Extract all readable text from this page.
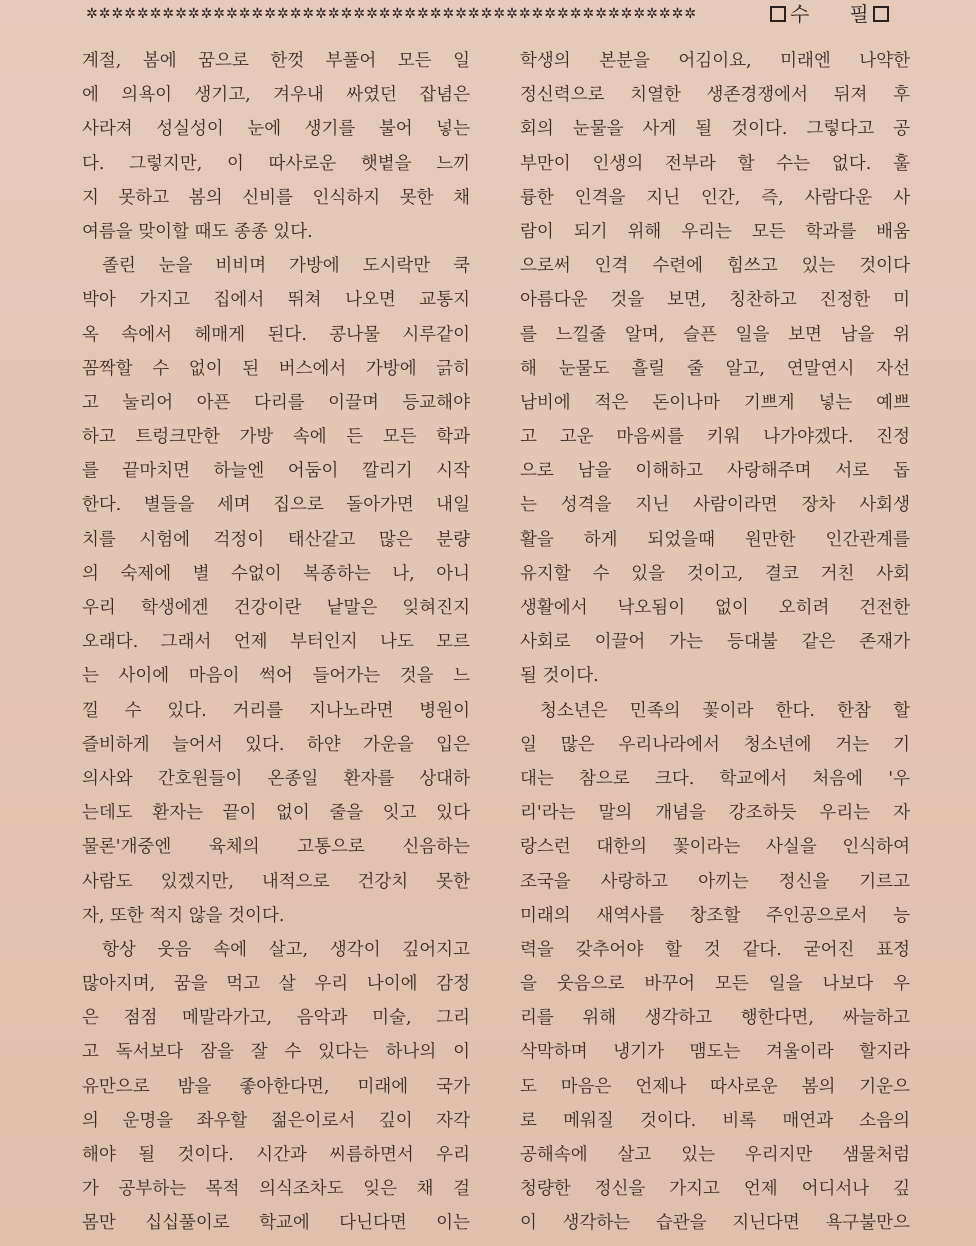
✲✲✲✲✲✲✲✲✲✲✲✲✲✲✲✲✲✲✲✲✲✲✲✲✲✲✲✲✲✲✲✲✲✲✲✲✲✲✲✲✲✲✲✲✲✲✲✲	수 필
계절, 봄에 꿈으로 한껏 부풀어 모든 일
에 의욕이 생기고, 겨우내 싸였던 잡념은
사라져 성실성이 눈에 생기를 불어 넣는
다. 그렇지만, 이 따사로운 햇볕을 느끼
지 못하고 봄의 신비를 인식하지 못한 채
여름을 맞이할 때도 종종 있다.
졸린 눈을 비비며 가방에 도시락만 쿡
박아 가지고 집에서 뛰쳐 나오면 교통지
옥 속에서 헤매게 된다. 콩나물 시루같이
꼼짝할 수 없이 된 버스에서 가방에 긁히
고 눌리어 아픈 다리를 이끌며 등교해야
하고 트렁크만한 가방 속에 든 모든 학과
를 끝마치면 하늘엔 어둠이 깔리기 시작
한다. 별들을 세며 집으로 돌아가면 내일
치를 시험에 걱정이 태산같고 많은 분량
의 숙제에 별 수없이 복종하는 나, 아니
우리 학생에겐 건강이란 낱말은 잊혀진지
오래다. 그래서 언제 부터인지 나도 모르
는 사이에 마음이 썩어 들어가는 것을 느
낄 수 있다. 거리를 지나노라면 병원이
즐비하게 늘어서 있다. 하얀 가운을 입은
의사와 간호원들이 온종일 환자를 상대하
는데도 환자는 끝이 없이 줄을 잇고 있다
물론'개중엔 육체의 고통으로 신음하는
사람도 있겠지만, 내적으로 건강치 못한
자, 또한 적지 않을 것이다.
항상 웃음 속에 살고, 생각이 깊어지고
많아지며, 꿈을 먹고 살 우리 나이에 감정
은 점점 메말라가고, 음악과 미술, 그리
고 독서보다 잠을 잘 수 있다는 하나의 이
유만으로 밤을 좋아한다면, 미래에 국가
의 운명을 좌우할 젊은이로서 깊이 자각
해야 될 것이다. 시간과 씨름하면서 우리
가 공부하는 목적 의식조차도 잊은 채 걸
몸만 십십풀이로 학교에 다닌다면 이는
학생의 본분을 어김이요, 미래엔 나약한
정신력으로 치열한 생존경쟁에서 뒤져 후
회의 눈물을 사게 될 것이다. 그렇다고 공
부만이 인생의 전부라 할 수는 없다. 훌
륭한 인격을 지닌 인간, 즉, 사람다운 사
람이 되기 위해 우리는 모든 학과를 배움
으로써 인격 수련에 힘쓰고 있는 것이다
아름다운 것을 보면, 칭찬하고 진정한 미
를 느낄줄 알며, 슬픈 일을 보면 남을 위
해 눈물도 흘릴 줄 알고, 연말연시 자선
남비에 적은 돈이나마 기쁘게 넣는 예쁘
고 고운 마음씨를 키워 나가야겠다. 진정
으로 남을 이해하고 사랑해주며 서로 돕
는 성격을 지닌 사람이라면 장차 사회생
활을 하게 되었을때 원만한 인간관계를
유지할 수 있을 것이고, 결코 거친 사회
생활에서 낙오됨이 없이 오히려 건전한
사회로 이끌어 가는 등대불 같은 존재가
될 것이다.
청소년은 민족의 꽃이라 한다. 한참 할
일 많은 우리나라에서 청소년에 거는 기
대는 참으로 크다. 학교에서 처음에 '우
리'라는 말의 개념을 강조하듯 우리는 자
랑스런 대한의 꽃이라는 사실을 인식하여
조국을 사랑하고 아끼는 정신을 기르고
미래의 새역사를 창조할 주인공으로서 능
력을 갖추어야 할 것 같다. 굳어진 표정
을 웃음으로 바꾸어 모든 일을 나보다 우
리를 위해 생각하고 행한다면, 싸늘하고
삭막하며 냉기가 맴도는 겨울이라 할지라
도 마음은 언제나 따사로운 봄의 기운으
로 메워질 것이다. 비록 매연과 소음의
공해속에 살고 있는 우리지만 샘물처럼
청량한 정신을 가지고 언제 어디서나 깊
이 생각하는 습관을 지닌다면 욕구불만으
